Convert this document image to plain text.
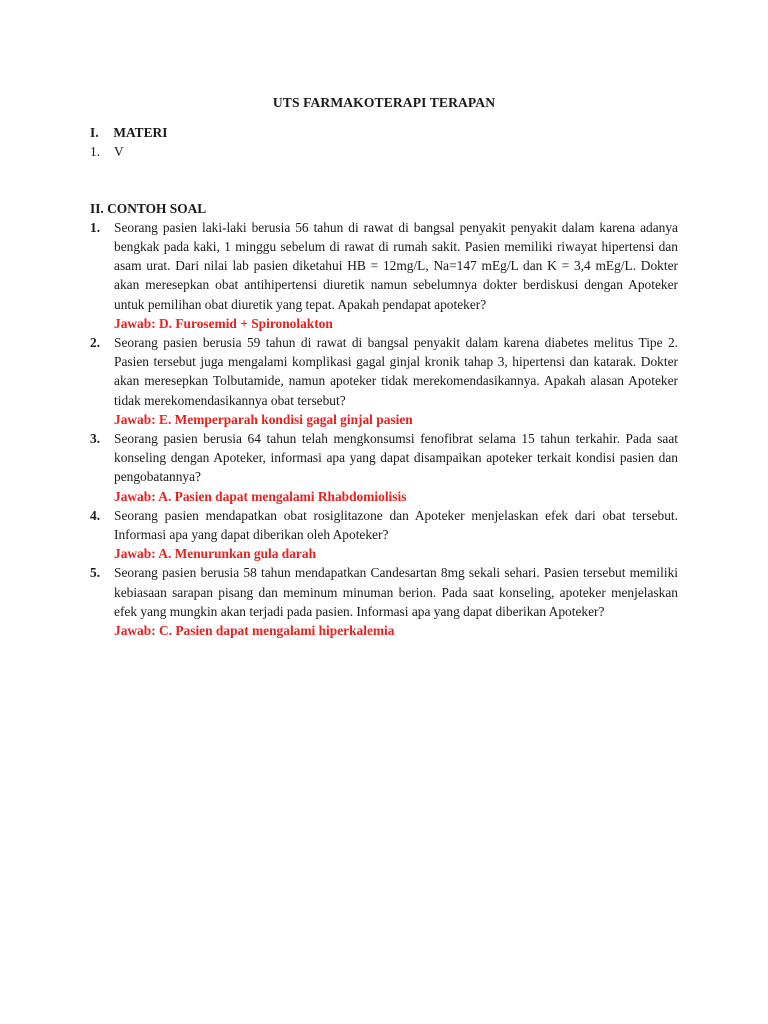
UTS FARMAKOTERAPI TERAPAN
I. MATERI
1.	V
II. CONTOH SOAL
1.	Seorang pasien laki-laki berusia 56 tahun di rawat di bangsal penyakit penyakit dalam karena adanya bengkak pada kaki, 1 minggu sebelum di rawat di rumah sakit. Pasien memiliki riwayat hipertensi dan asam urat. Dari nilai lab pasien diketahui HB = 12mg/L, Na=147 mEg/L dan K = 3,4 mEg/L. Dokter akan meresepkan obat antihipertensi diuretik namun sebelumnya dokter berdiskusi dengan Apoteker untuk pemilihan obat diuretik yang tepat. Apakah pendapat apoteker?

Jawab: D. Furosemid + Spironolakton

2.	Seorang pasien berusia 59 tahun di rawat di bangsal penyakit dalam karena diabetes melitus Tipe 2. Pasien tersebut juga mengalami komplikasi gagal ginjal kronik tahap 3, hipertensi dan katarak. Dokter akan meresepkan Tolbutamide, namun apoteker tidak merekomendasikannya. Apakah alasan Apoteker tidak merekomendasikannya obat tersebut?

Jawab: E. Memperparah kondisi gagal ginjal pasien

3.	Seorang pasien berusia 64 tahun telah mengkonsumsi fenofibrat selama 15 tahun terkahir. Pada saat konseling dengan Apoteker, informasi apa yang dapat disampaikan apoteker terkait kondisi pasien dan pengobatannya?

Jawab: A. Pasien dapat mengalami Rhabdomiolisis

4.	Seorang pasien mendapatkan obat rosiglitazone dan Apoteker menjelaskan efek dari obat tersebut. Informasi apa yang dapat diberikan oleh Apoteker?

Jawab: A. Menurunkan gula darah

5.	Seorang pasien berusia 58 tahun mendapatkan Candesartan 8mg sekali sehari. Pasien tersebut memiliki kebiasaan sarapan pisang dan meminum minuman berion. Pada saat konseling, apoteker menjelaskan efek yang mungkin akan terjadi pada pasien. Informasi apa yang dapat diberikan Apoteker?

Jawab: C. Pasien dapat mengalami hiperkalemia
